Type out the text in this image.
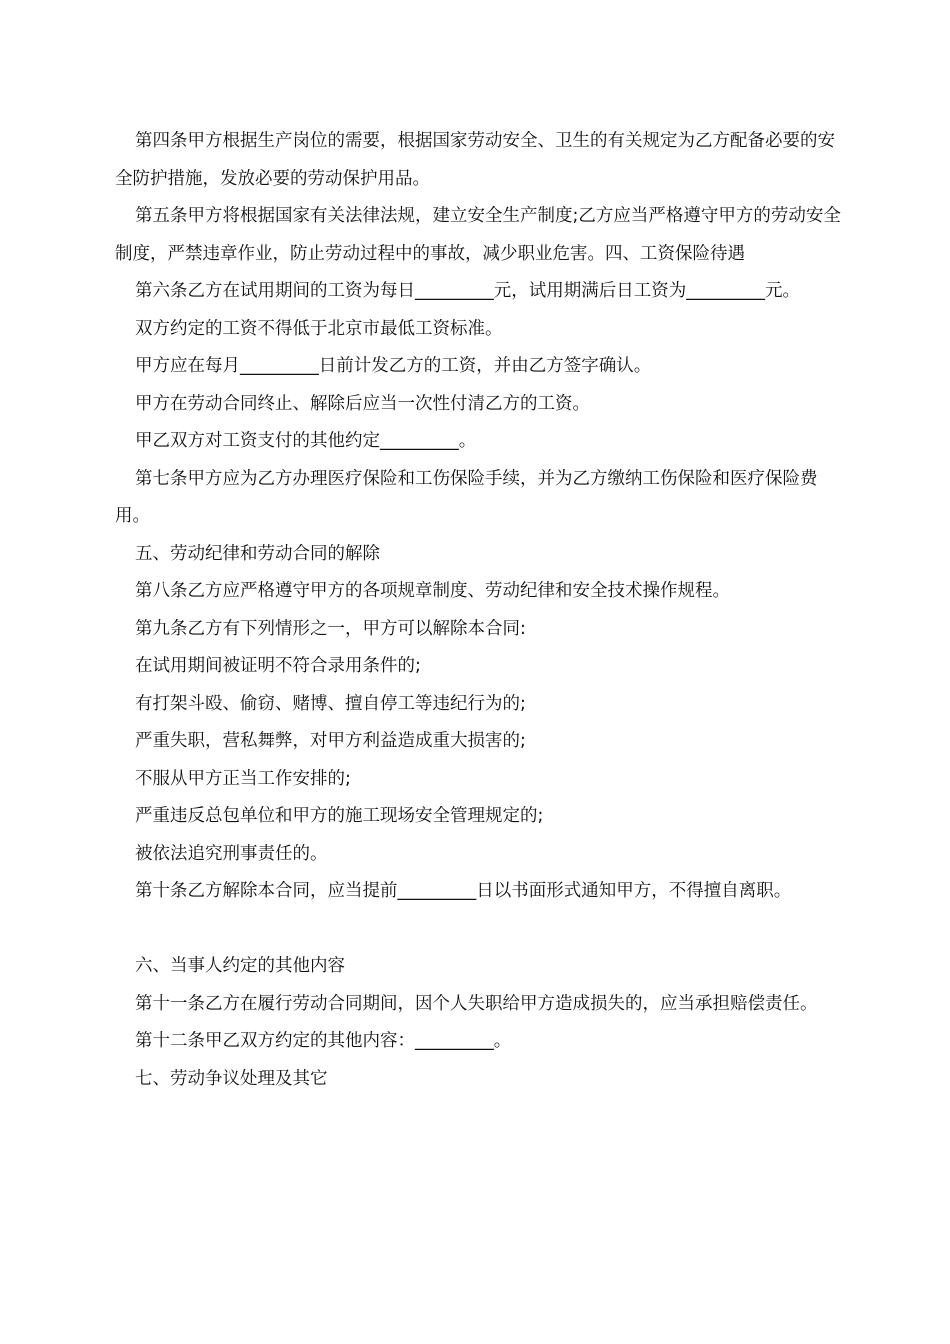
第四条甲方根据生产岗位的需要，根据国家劳动安全、卫生的有关规定为乙方配备必要的安全防护措施，发放必要的劳动保护用品。

第五条甲方将根据国家有关法律法规，建立安全生产制度;乙方应当严格遵守甲方的劳动安全制度，严禁违章作业，防止劳动过程中的事故，减少职业危害。四、工资保险待遇

第六条乙方在试用期间的工资为每日_________元，试用期满后日工资为_________元。

双方约定的工资不得低于北京市最低工资标准。

甲方应在每月_________日前计发乙方的工资，并由乙方签字确认。

甲方在劳动合同终止、解除后应当一次性付清乙方的工资。

甲乙双方对工资支付的其他约定_________。

第七条甲方应为乙方办理医疗保险和工伤保险手续，并为乙方缴纳工伤保险和医疗保险费用。

五、劳动纪律和劳动合同的解除

第八条乙方应严格遵守甲方的各项规章制度、劳动纪律和安全技术操作规程。

第九条乙方有下列情形之一，甲方可以解除本合同:

在试用期间被证明不符合录用条件的;

有打架斗殴、偷窃、赌博、擅自停工等违纪行为的;

严重失职，营私舞弊，对甲方利益造成重大损害的;

不服从甲方正当工作安排的;

严重违反总包单位和甲方的施工现场安全管理规定的;

被依法追究刑事责任的。

第十条乙方解除本合同，应当提前_________日以书面形式通知甲方，不得擅自离职。

六、当事人约定的其他内容

第十一条乙方在履行劳动合同期间，因个人失职给甲方造成损失的，应当承担赔偿责任。

第十二条甲乙双方约定的其他内容：_________。

七、劳动争议处理及其它
